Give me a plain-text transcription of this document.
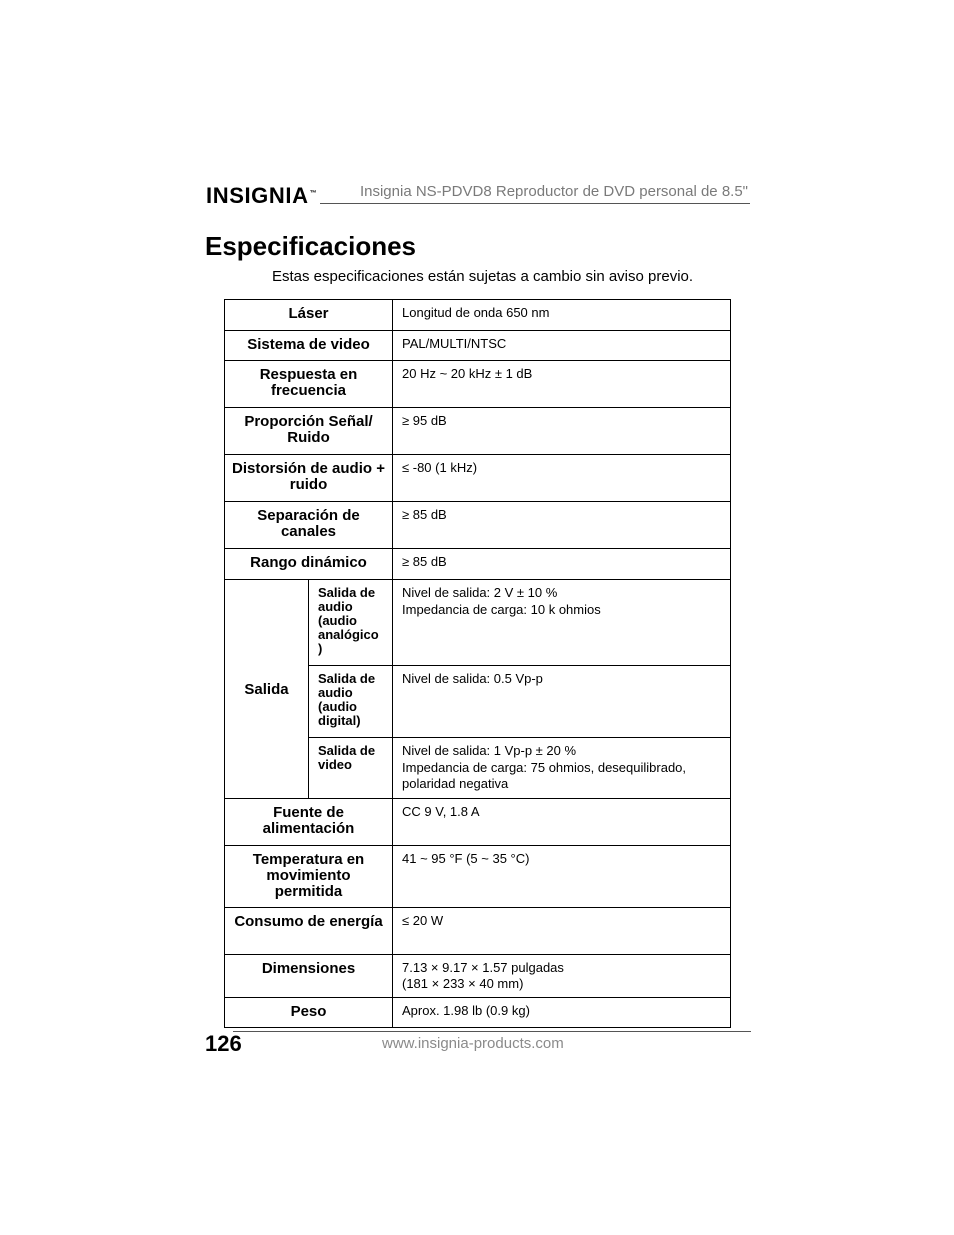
INSIGNIA™	Insignia NS-PDVD8 Reproductor de DVD personal de 8.5"
Especificaciones

Estas especificaciones están sujetas a cambio sin aviso previo.

Láser		Longitud de onda 650 nm
Sistema de video		PAL/MULTI/NTSC
Respuesta en frecuencia		20 Hz ~ 20 kHz ± 1 dB
Proporción Señal/ Ruido		≥ 95 dB
Distorsión de audio + ruido		≤ -80 (1 kHz)
Separación de canales		≥ 85 dB
Rango dinámico		≥ 85 dB
Salida	Salida de audio (audio analógico )	Nivel de salida: 2 V ± 10 %
Impedancia de carga: 10 k ohmios

	Salida de audio (audio digital)	Nivel de salida: 0.5 Vp-p

	Salida de video	Nivel de salida: 1 Vp-p ± 20 %
Impedancia de carga: 75 ohmios, desequilibrado, polaridad negativa

Fuente de alimentación		CC 9 V, 1.8 A
Temperatura en movimiento permitida		41 ~ 95 °F (5 ~ 35 °C)
Consumo de energía		≤ 20 W
Dimensiones		7.13 × 9.17 × 1.57 pulgadas
(181 × 233 × 40 mm)

Peso		Aprox. 1.98 lb (0.9 kg)
126	www.insignia-products.com
